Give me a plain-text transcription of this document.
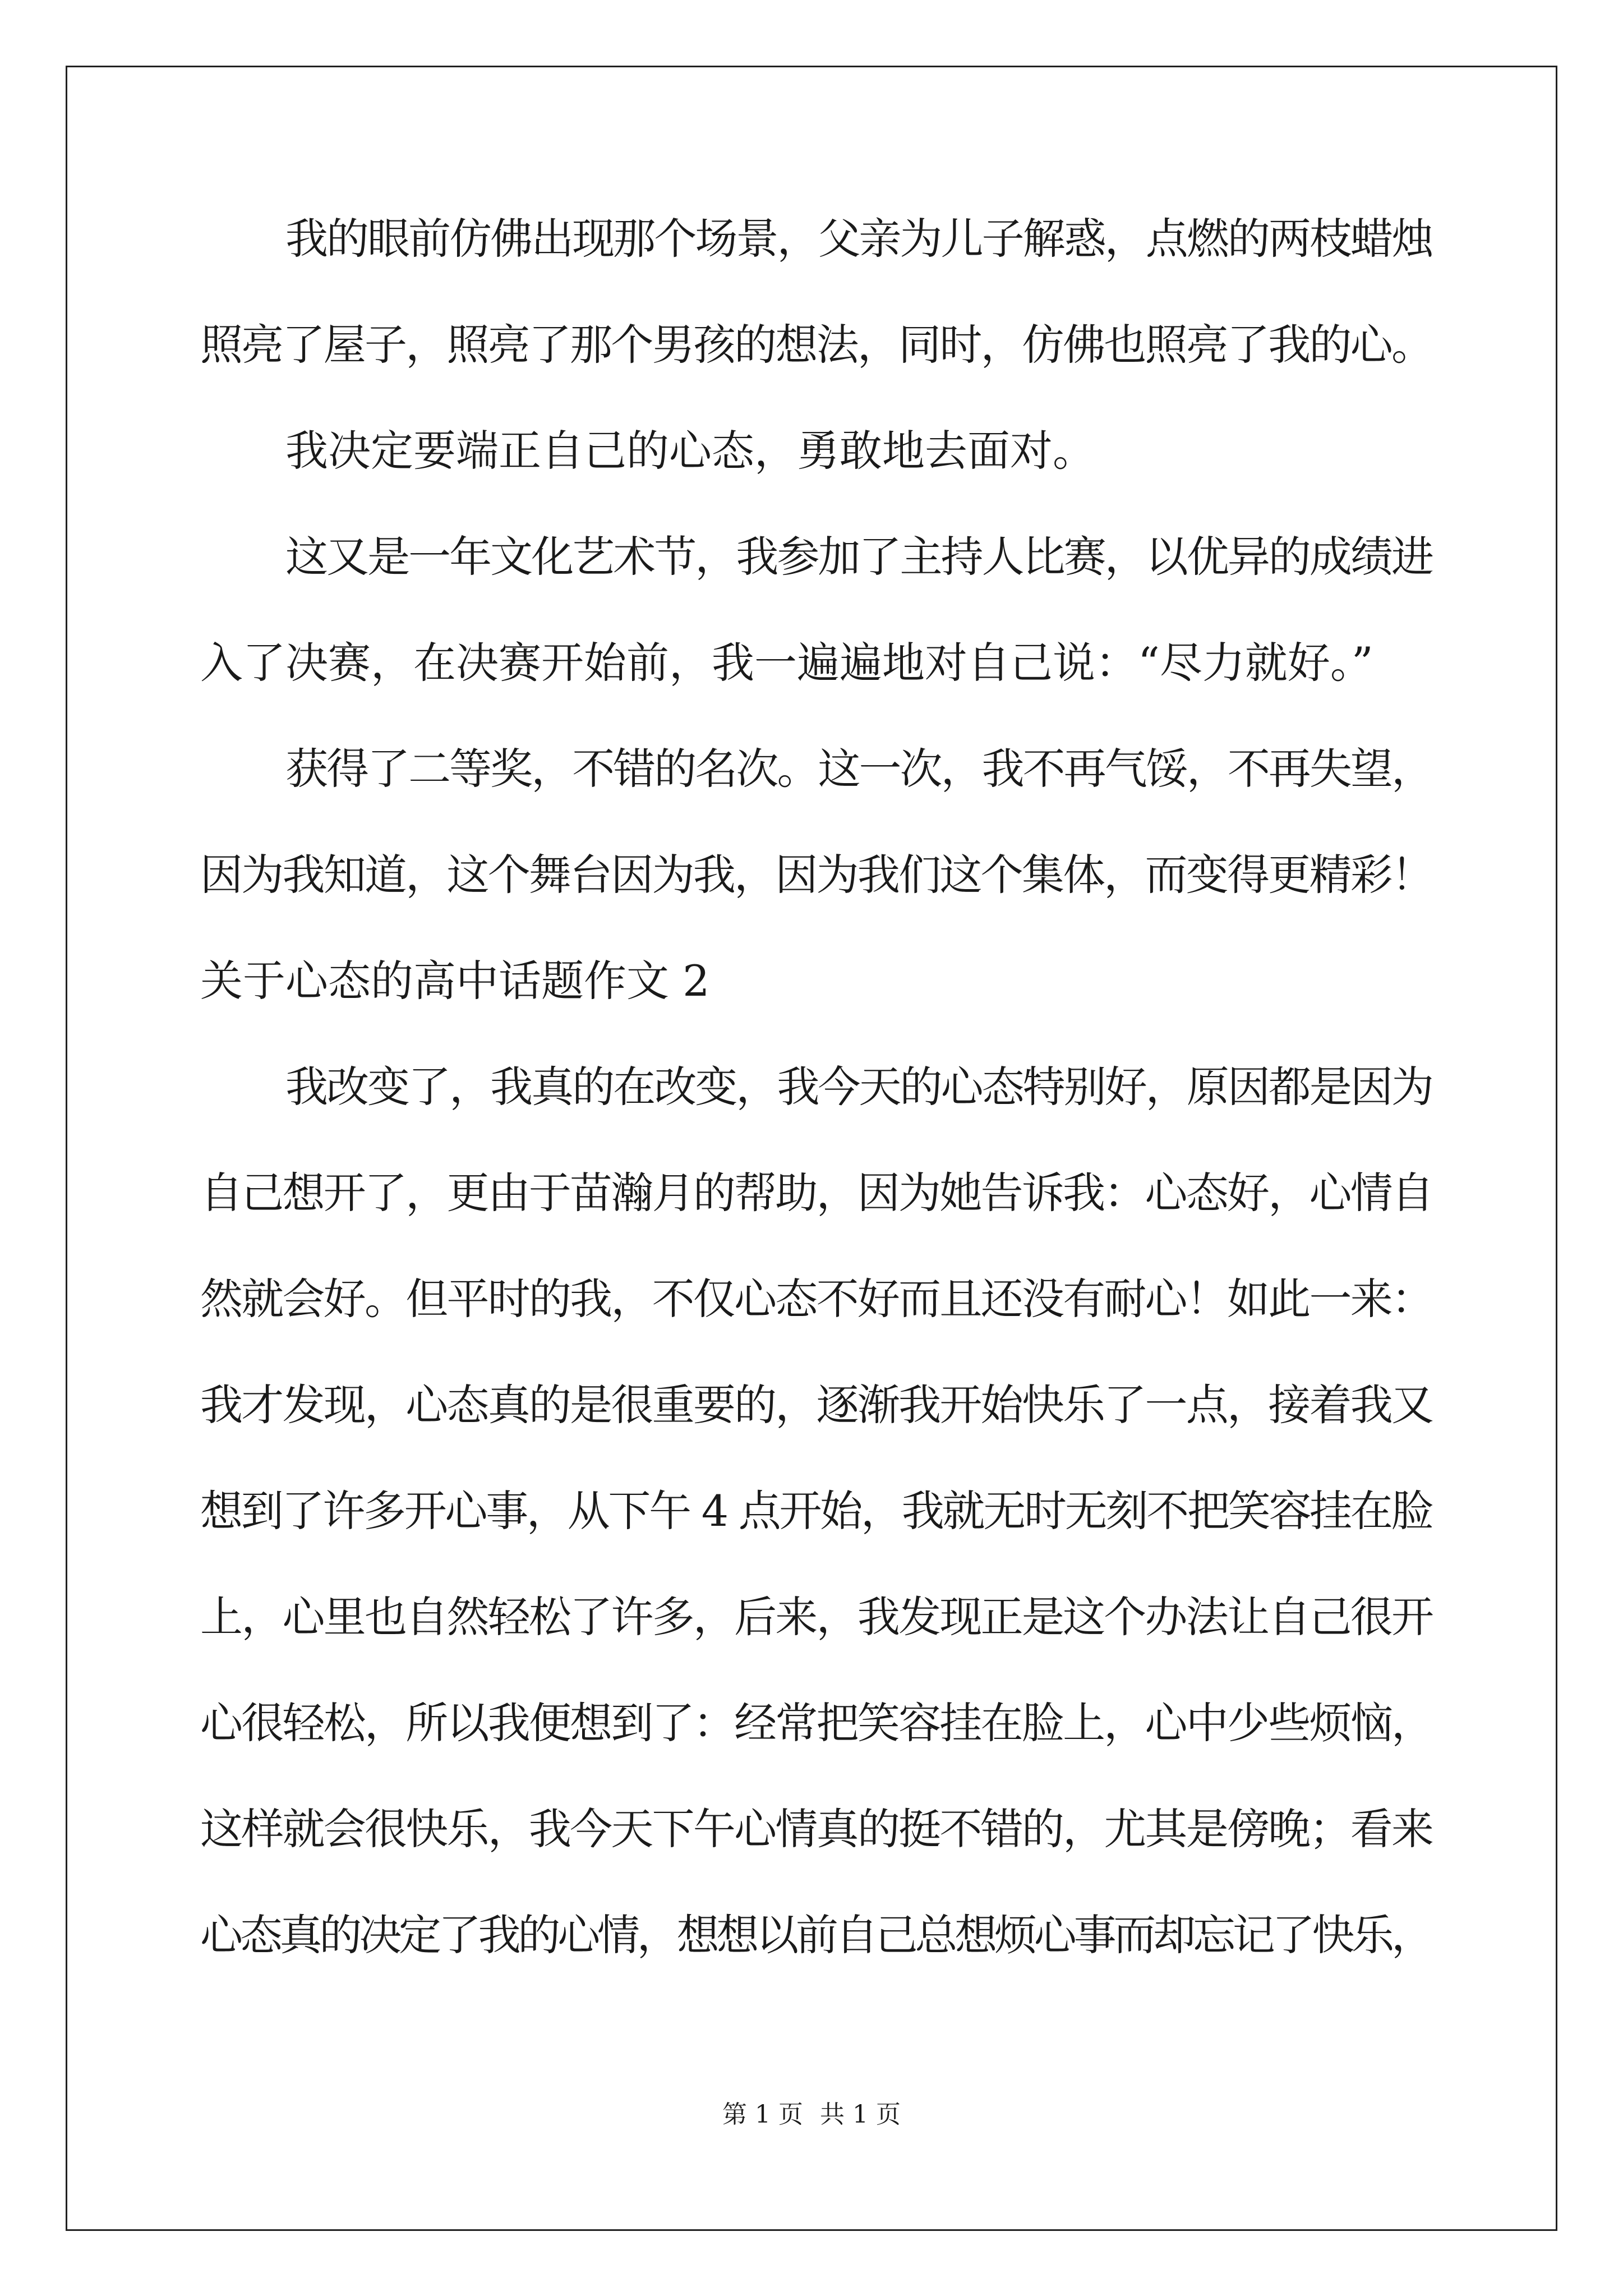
我的眼前仿佛出现那个场景，父亲为儿子解惑，点燃的两枝蜡烛
照亮了屋子，照亮了那个男孩的想法，同时，仿佛也照亮了我的心。
我决定要端正自己的心态，勇敢地去面对。
这又是一年文化艺术节，我参加了主持人比赛，以优异的成绩进
入了决赛，在决赛开始前，我一遍遍地对自己说：“尽力就好。”
获得了二等奖，不错的名次。这一次，我不再气馁，不再失望，
因为我知道，这个舞台因为我，因为我们这个集体，而变得更精彩！
关于心态的高中话题作文 2
我改变了，我真的在改变，我今天的心态特别好，原因都是因为
自己想开了，更由于苗瀚月的帮助，因为她告诉我：心态好，心情自
然就会好。但平时的我，不仅心态不好而且还没有耐心！如此一来：
我才发现，心态真的是很重要的，逐渐我开始快乐了一点，接着我又
想到了许多开心事，从下午 4 点开始，我就无时无刻不把笑容挂在脸
上，心里也自然轻松了许多，后来，我发现正是这个办法让自己很开
心很轻松，所以我便想到了：经常把笑容挂在脸上，心中少些烦恼，
这样就会很快乐，我今天下午心情真的挺不错的，尤其是傍晚；看来
心态真的决定了我的心情，想想以前自己总想烦心事而却忘记了快乐，
第 1 页 共 1 页
